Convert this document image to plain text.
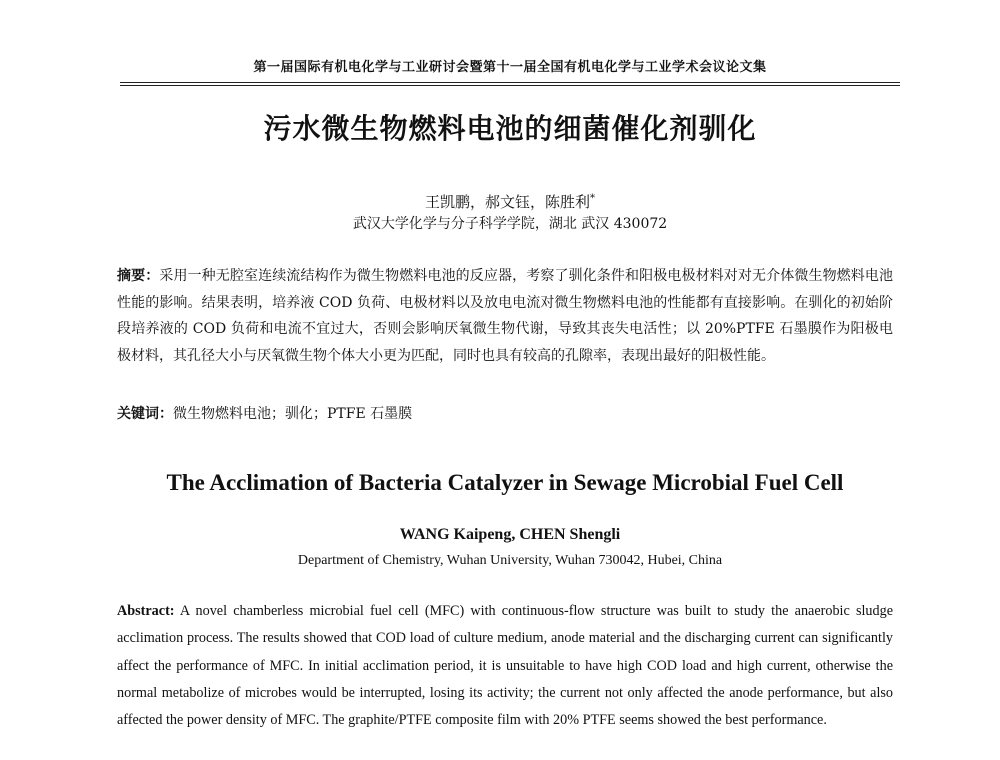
第一届国际有机电化学与工业研讨会暨第十一届全国有机电化学与工业学术会议论文集
污水微生物燃料电池的细菌催化剂驯化
王凯鹏，郝文钰，陈胜利*
武汉大学化学与分子科学学院，湖北 武汉 430072

摘要：采用一种无腔室连续流结构作为微生物燃料电池的反应器，考察了驯化条件和阳极电极材料对对无介体微生物燃料电池性能的影响。结果表明，培养液 COD 负荷、电极材料以及放电电流对微生物燃料电池的性能都有直接影响。在驯化的初始阶段培养液的 COD 负荷和电流不宜过大，否则会影响厌氧微生物代谢，导致其丧失电活性；以 20%PTFE 石墨膜作为阳极电极材料，其孔径大小与厌氧微生物个体大小更为匹配，同时也具有较高的孔隙率，表现出最好的阳极性能。

关键词：微生物燃料电池；驯化；PTFE 石墨膜

The Acclimation of Bacteria Catalyzer in Sewage Microbial Fuel Cell
WANG Kaipeng, CHEN Shengli
Department of Chemistry, Wuhan University, Wuhan 730042, Hubei, China

Abstract: A novel chamberless microbial fuel cell (MFC) with continuous-flow structure was built to study the anaerobic sludge acclimation process. The results showed that COD load of culture medium, anode material and the discharging current can significantly affect the performance of MFC. In initial acclimation period, it is unsuitable to have high COD load and high current, otherwise the normal metabolize of microbes would be interrupted, losing its activity; the current not only affected the anode performance, but also affected the power density of MFC. The graphite/PTFE composite film with 20% PTFE seems showed the best performance.
